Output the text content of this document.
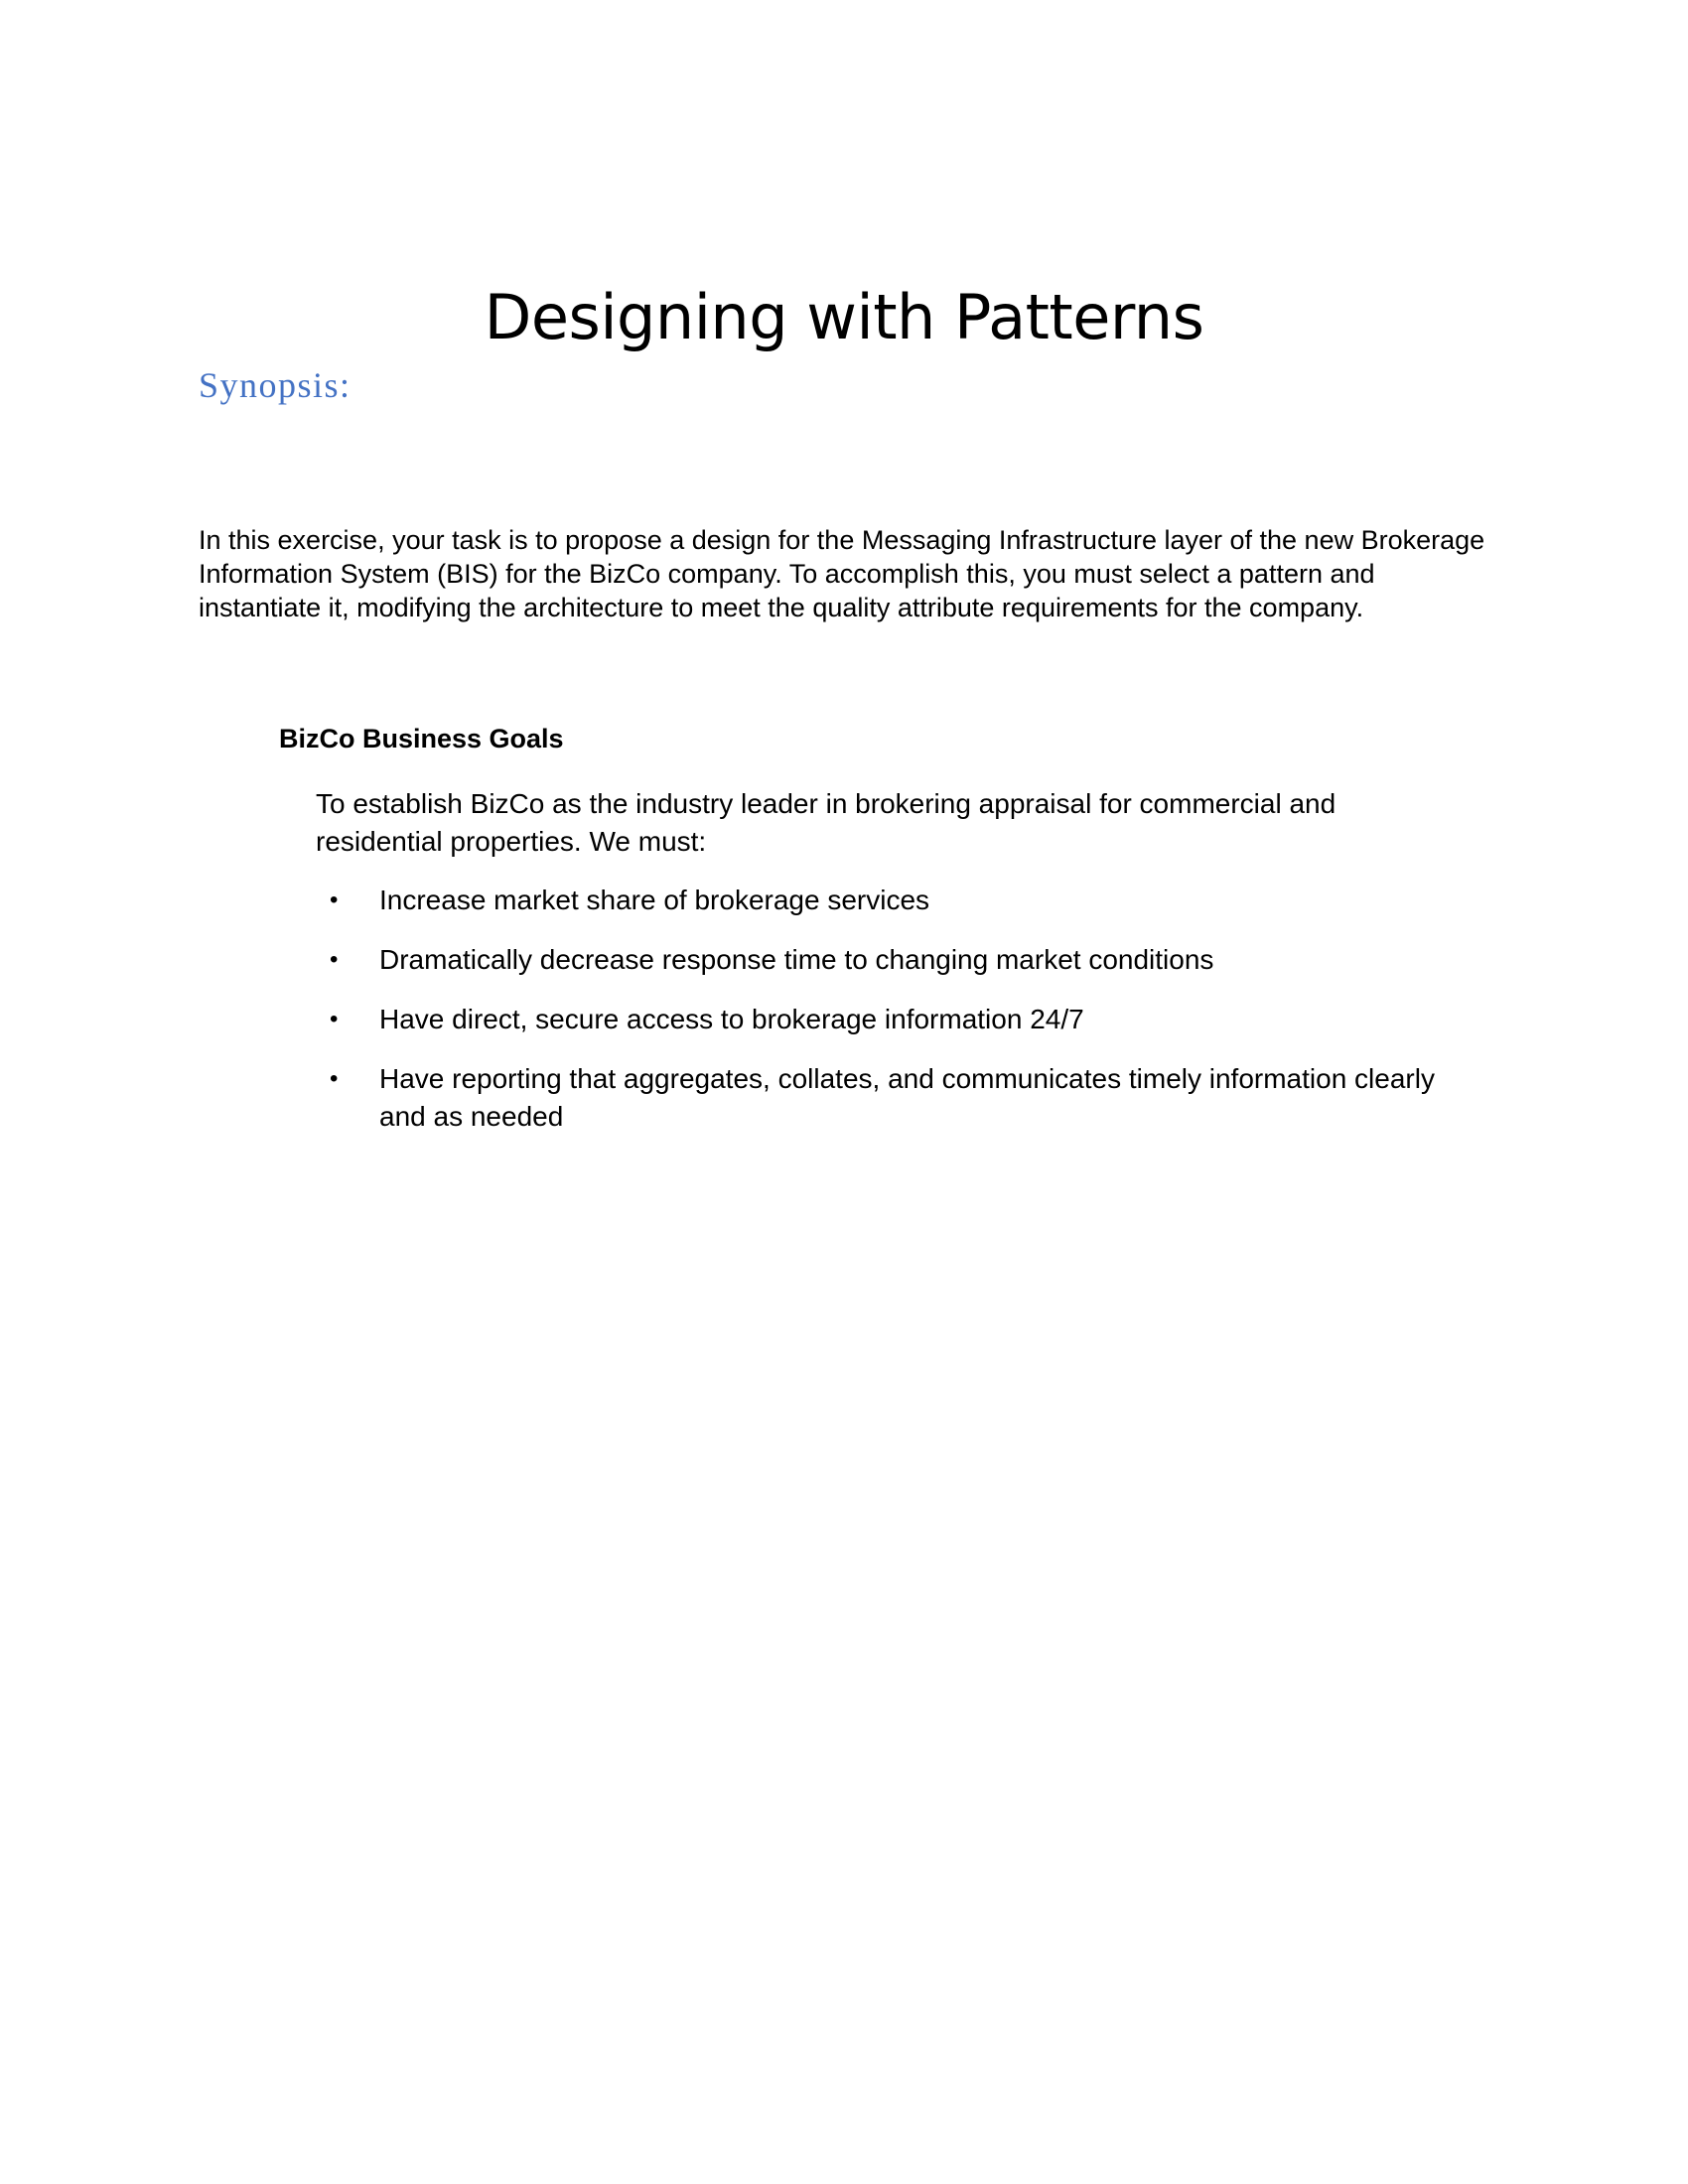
Designing with Patterns
Synopsis:

In this exercise, your task is to propose a design for the Messaging Infrastructure layer of the new Brokerage Information System (BIS) for the BizCo company. To accomplish this, you must select a pattern and instantiate it, modifying the architecture to meet the quality attribute requirements for the company.

BizCo Business Goals

To establish BizCo as the industry leader in brokering appraisal for commercial and residential properties. We must:

• Increase market share of brokerage services
• Dramatically decrease response time to changing market conditions
• Have direct, secure access to brokerage information 24/7
• Have reporting that aggregates, collates, and communicates timely information clearly and as needed
